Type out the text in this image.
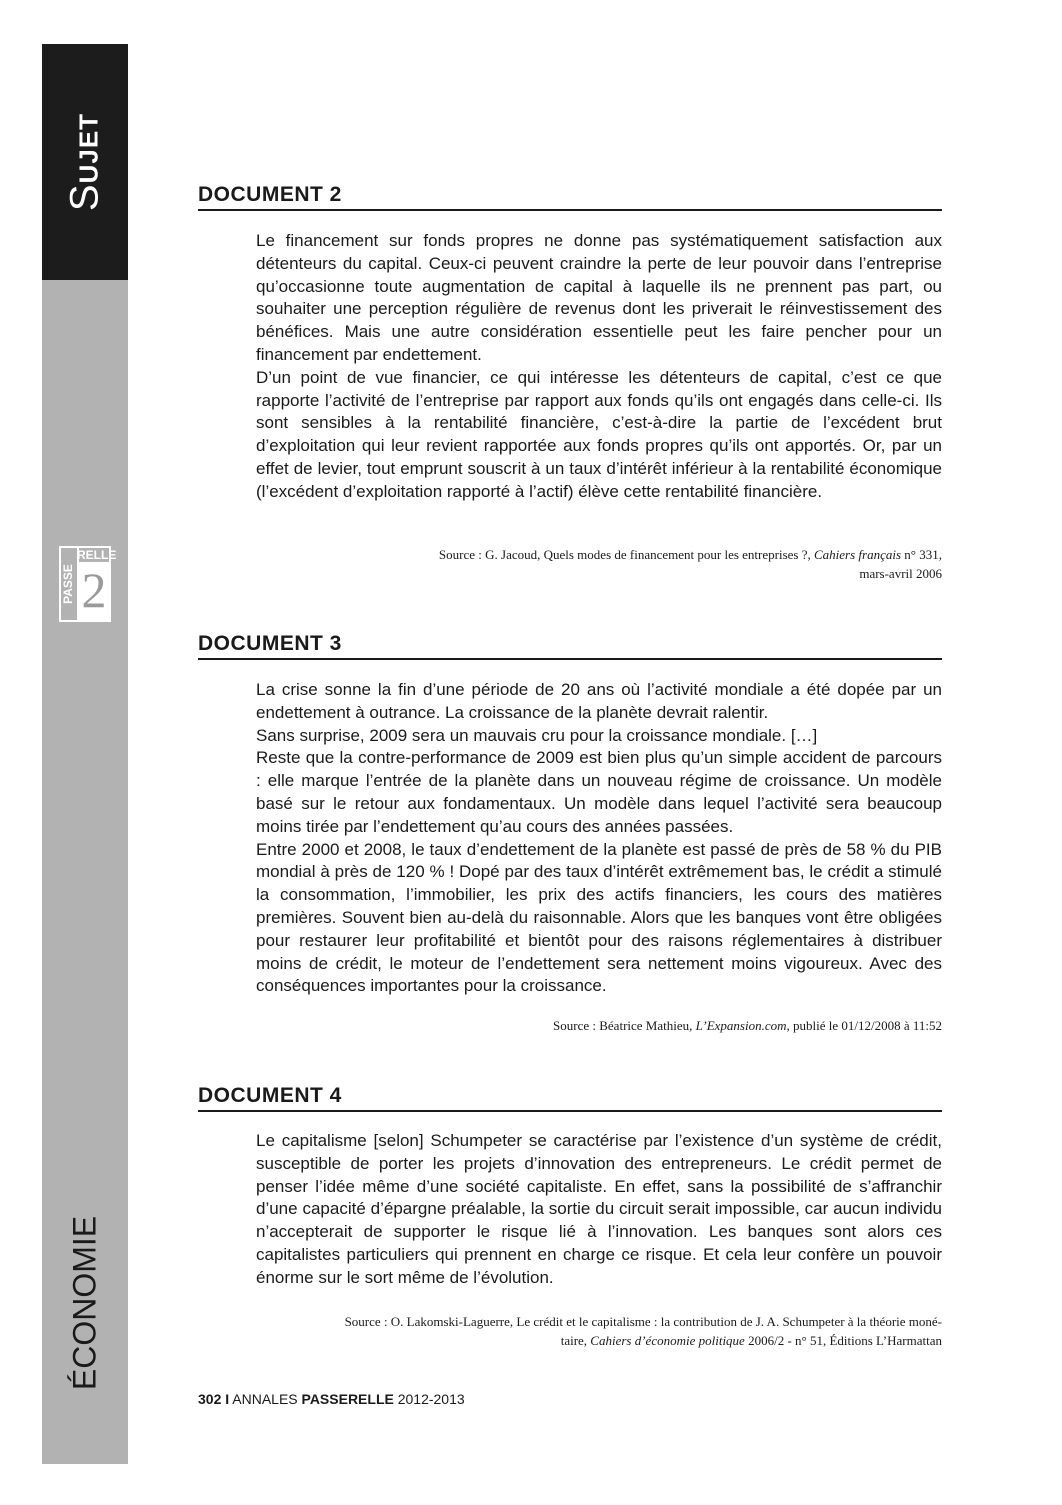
SUJET
ÉCONOMIE
PASSE
RELLE
2
DOCUMENT 2

Le financement sur fonds propres ne donne pas systématiquement satisfaction aux détenteurs du capital. Ceux-ci peuvent craindre la perte de leur pouvoir dans l’entreprise qu’occasionne toute augmentation de capital à laquelle ils ne prennent pas part, ou souhaiter une perception régulière de revenus dont les priverait le réinvestissement des bénéfices. Mais une autre considération essentielle peut les faire pencher pour un financement par endettement.

D’un point de vue financier, ce qui intéresse les détenteurs de capital, c’est ce que rapporte l’activité de l’entreprise par rapport aux fonds qu’ils ont engagés dans celle-ci. Ils sont sensibles à la rentabilité financière, c’est-à-dire la partie de l’excédent brut d’exploitation qui leur revient rapportée aux fonds propres qu’ils ont apportés. Or, par un effet de levier, tout emprunt souscrit à un taux d’intérêt inférieur à la rentabilité économique (l’excédent d’exploitation rapporté à l’actif) élève cette rentabilité financière.

Source : G. Jacoud, Quels modes de financement pour les entreprises ?, Cahiers français n° 331,
mars-avril 2006
DOCUMENT 3

La crise sonne la fin d’une période de 20 ans où l’activité mondiale a été dopée par un endettement à outrance. La croissance de la planète devrait ralentir.

Sans surprise, 2009 sera un mauvais cru pour la croissance mondiale. […]

Reste que la contre-performance de 2009 est bien plus qu’un simple accident de parcours : elle marque l’entrée de la planète dans un nouveau régime de croissance. Un modèle basé sur le retour aux fondamentaux. Un modèle dans lequel l’activité sera beaucoup moins tirée par l’endettement qu’au cours des années passées.

Entre 2000 et 2008, le taux d’endettement de la planète est passé de près de 58 % du PIB mondial à près de 120 % ! Dopé par des taux d’intérêt extrêmement bas, le crédit a stimulé la consommation, l’immobilier, les prix des actifs financiers, les cours des matières premières. Souvent bien au-delà du raisonnable. Alors que les banques vont être obligées pour restaurer leur profitabilité et bientôt pour des raisons réglementaires à distribuer moins de crédit, le moteur de l’endettement sera nettement moins vigoureux. Avec des conséquences importantes pour la croissance.

Source : Béatrice Mathieu, L’Expansion.com, publié le 01/12/2008 à 11:52
DOCUMENT 4

Le capitalisme [selon] Schumpeter se caractérise par l’existence d’un système de crédit, susceptible de porter les projets d’innovation des entrepreneurs. Le crédit permet de penser l’idée même d’une société capitaliste. En effet, sans la possibilité de s’affranchir d’une capacité d’épargne préalable, la sortie du circuit serait impossible, car aucun individu n’accepterait de supporter le risque lié à l’innovation. Les banques sont alors ces capitalistes particuliers qui prennent en charge ce risque. Et cela leur confère un pouvoir énorme sur le sort même de l’évolution.

Source : O. Lakomski-Laguerre, Le crédit et le capitalisme : la contribution de J. A. Schumpeter à la théorie moné-
taire, Cahiers d’économie politique 2006/2 - n° 51, Éditions L’Harmattan
302 I ANNALES PASSERELLE 2012-2013
